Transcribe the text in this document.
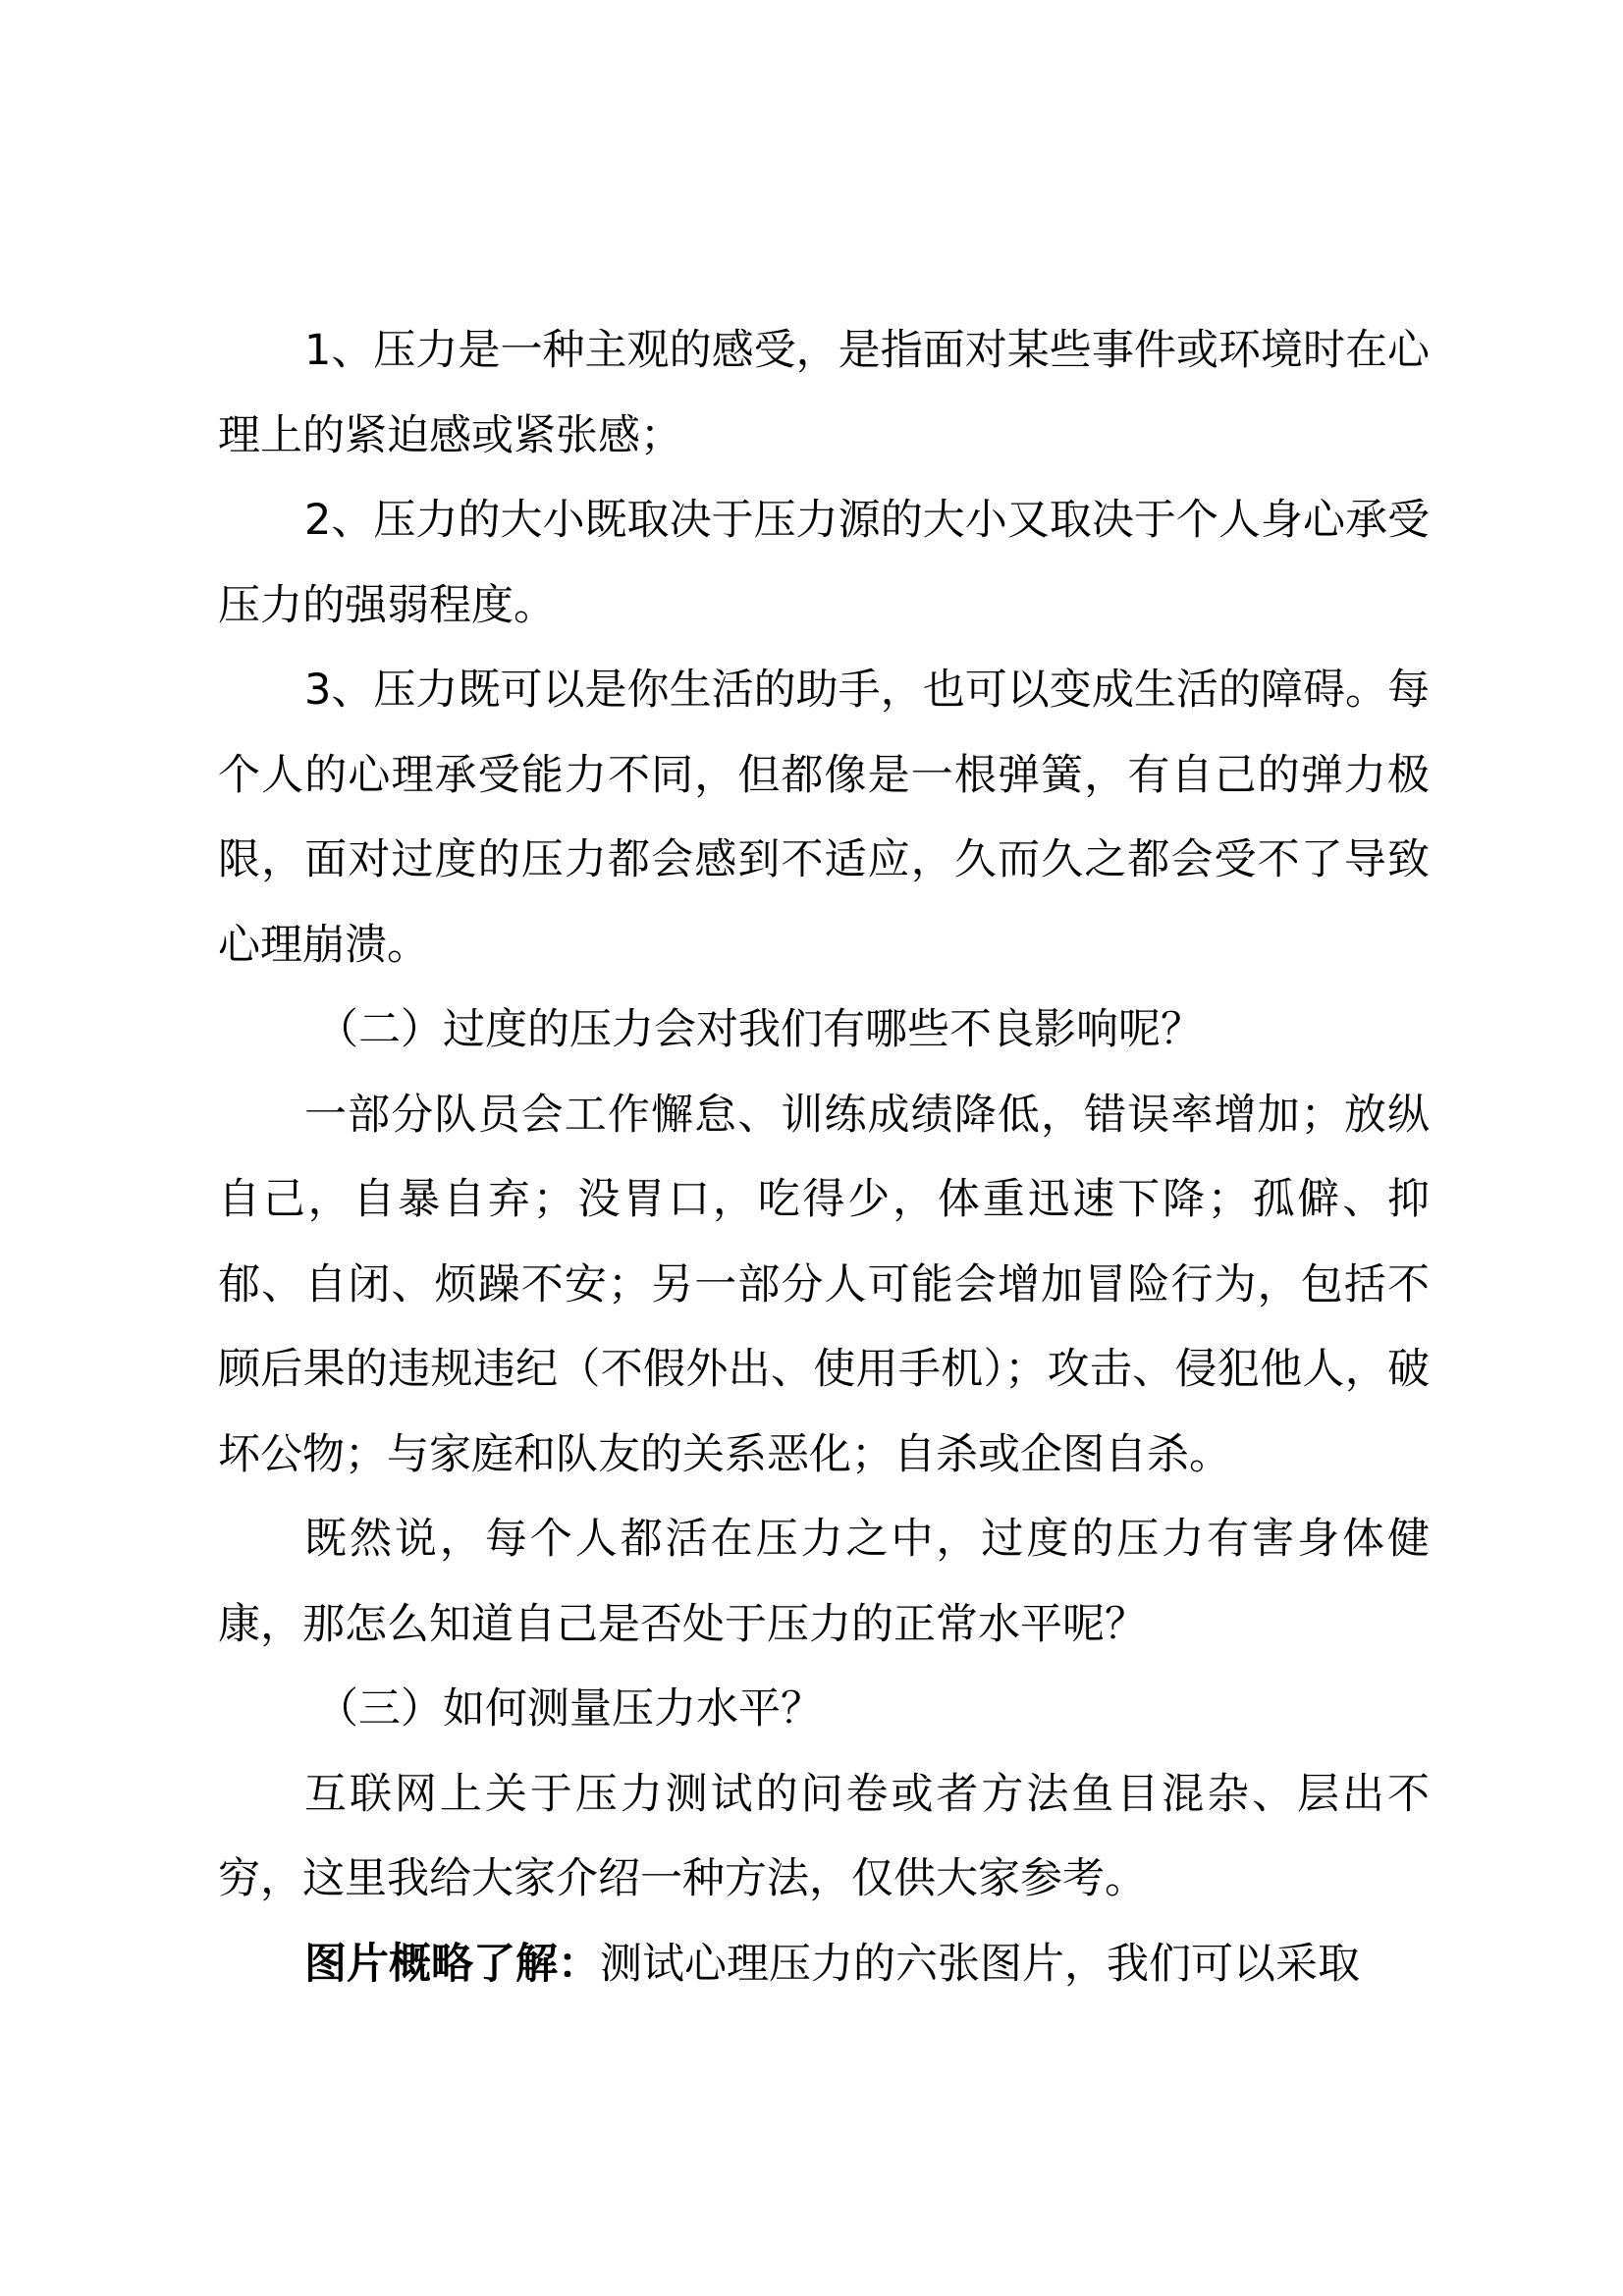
1、压力是一种主观的感受，是指面对某些事件或环境时在心理上的紧迫感或紧张感；

2、压力的大小既取决于压力源的大小又取决于个人身心承受压力的强弱程度。

3、压力既可以是你生活的助手，也可以变成生活的障碍。每个人的心理承受能力不同，但都像是一根弹簧，有自己的弹力极限，面对过度的压力都会感到不适应，久而久之都会受不了导致心理崩溃。

（二）过度的压力会对我们有哪些不良影响呢？

一部分队员会工作懈怠、训练成绩降低，错误率增加；放纵自己，自暴自弃；没胃口，吃得少，体重迅速下降；孤僻、抑郁、自闭、烦躁不安；另一部分人可能会增加冒险行为，包括不顾后果的违规违纪（不假外出、使用手机）；攻击、侵犯他人，破坏公物；与家庭和队友的关系恶化；自杀或企图自杀。

既然说，每个人都活在压力之中，过度的压力有害身体健康，那怎么知道自己是否处于压力的正常水平呢？

（三）如何测量压力水平？

互联网上关于压力测试的问卷或者方法鱼目混杂、层出不穷，这里我给大家介绍一种方法，仅供大家参考。

图片概略了解：测试心理压力的六张图片，我们可以采取
